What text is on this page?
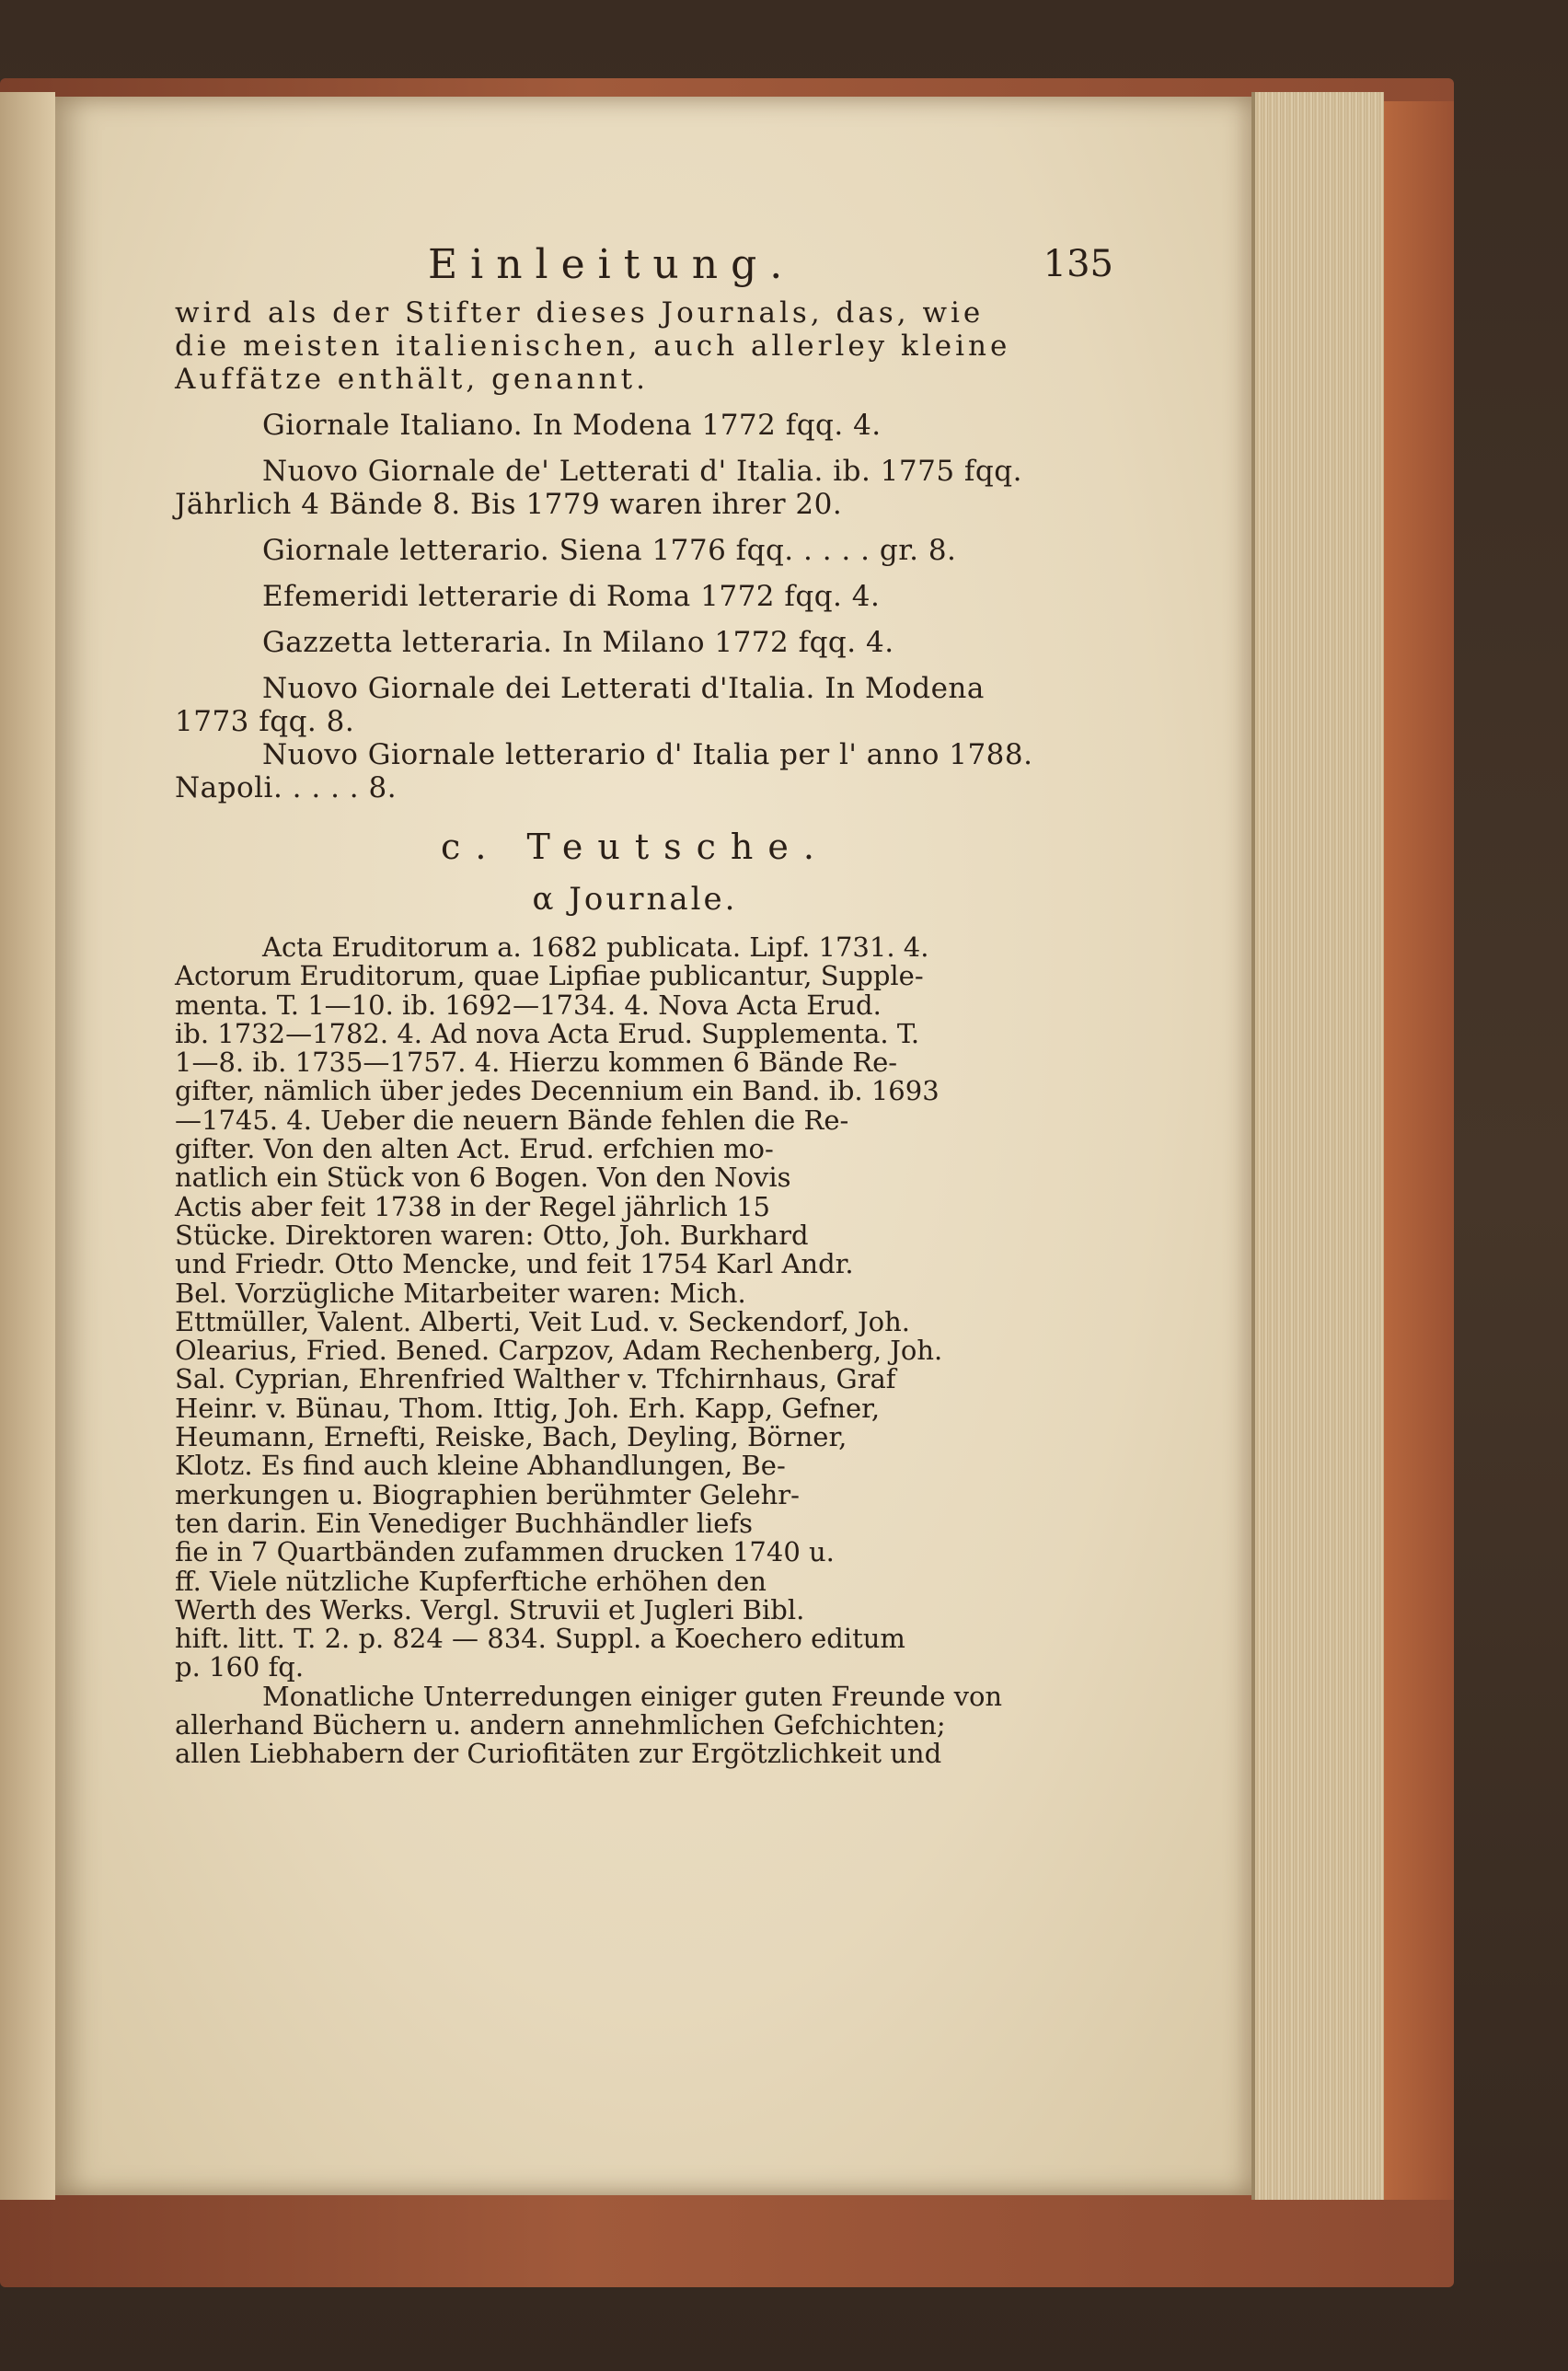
Einleitung.	135
wird als der Stifter dieses Journals, das, wie
die meisten italienischen, auch allerley kleine
Auffätze enthält, genannt.
Giornale Italiano. In Modena 1772 fqq. 4.
Nuovo Giornale de' Letterati d' Italia. ib. 1775 fqq.
Jährlich 4 Bände 8. Bis 1779 waren ihrer 20.
Giornale letterario. Siena 1776 fqq. . . . . gr. 8.
Efemeridi letterarie di Roma 1772 fqq. 4.
Gazzetta letteraria. In Milano 1772 fqq. 4.
Nuovo Giornale dei Letterati d'Italia. In Modena
1773 fqq. 8.
Nuovo Giornale letterario d' Italia per l' anno 1788.
Napoli. . . . . 8.
c. Teutsche.
α Journale.
Acta Eruditorum a. 1682 publicata. Lipf. 1731. 4.
Actorum Eruditorum, quae Lipfiae publicantur, Supple-
menta. T. 1—10. ib. 1692—1734. 4. Nova Acta Erud.
ib. 1732—1782. 4. Ad nova Acta Erud. Supplementa. T.
1—8. ib. 1735—1757. 4. Hierzu kommen 6 Bände Re-
gifter, nämlich über jedes Decennium ein Band. ib. 1693
—1745. 4. Ueber die neuern Bände fehlen die Re-
gifter. Von den alten Act. Erud. erfchien mo-
natlich ein Stück von 6 Bogen. Von den Novis
Actis aber feit 1738 in der Regel jährlich 15
Stücke. Direktoren waren: Otto, Joh. Burkhard
und Friedr. Otto Mencke, und feit 1754 Karl Andr.
Bel. Vorzügliche Mitarbeiter waren: Mich.
Ettmüller, Valent. Alberti, Veit Lud. v. Seckendorf, Joh.
Olearius, Fried. Bened. Carpzov, Adam Rechenberg, Joh.
Sal. Cyprian, Ehrenfried Walther v. Tfchirnhaus, Graf
Heinr. v. Bünau, Thom. Ittig, Joh. Erh. Kapp, Gefner,
Heumann, Ernefti, Reiske, Bach, Deyling, Börner,
Klotz. Es find auch kleine Abhandlungen, Be-
merkungen u. Biographien berühmter Gelehr-
ten darin. Ein Venediger Buchhändler liefs
fie in 7 Quartbänden zufammen drucken 1740 u.
ff. Viele nützliche Kupferftiche erhöhen den
Werth des Werks. Vergl. Struvii et Jugleri Bibl.
hift. litt. T. 2. p. 824 — 834. Suppl. a Koechero editum
p. 160 fq.
Monatliche Unterredungen einiger guten Freunde von
allerhand Büchern u. andern annehmlichen Gefchichten;
allen Liebhabern der Curiofitäten zur Ergötzlichkeit und
